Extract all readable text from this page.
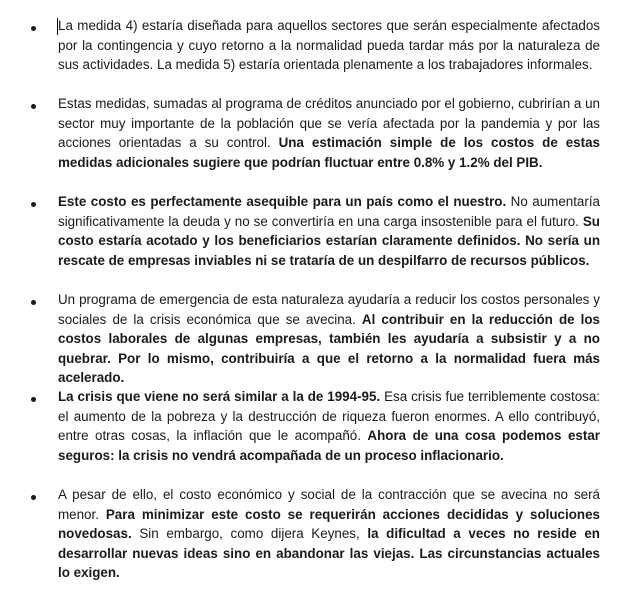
La medida 4) estaría diseñada para aquellos sectores que serán especialmente afectados por la contingencia y cuyo retorno a la normalidad pueda tardar más por la naturaleza de sus actividades. La medida 5) estaría orientada plenamente a los trabajadores informales.

Estas medidas, sumadas al programa de créditos anunciado por el gobierno, cubrirían a un sector muy importante de la población que se vería afectada por la pandemia y por las acciones orientadas a su control. Una estimación simple de los costos de estas medidas adicionales sugiere que podrían fluctuar entre 0.8% y 1.2% del PIB.

Este costo es perfectamente asequible para un país como el nuestro. No aumentaría significativamente la deuda y no se convertiría en una carga insostenible para el futuro. Su costo estaría acotado y los beneficiarios estarían claramente definidos. No sería un rescate de empresas inviables ni se trataría de un despilfarro de recursos públicos.

Un programa de emergencia de esta naturaleza ayudaría a reducir los costos personales y sociales de la crisis económica que se avecina. Al contribuir en la reducción de los costos laborales de algunas empresas, también les ayudaría a subsistir y a no quebrar. Por lo mismo, contribuiría a que el retorno a la normalidad fuera más acelerado.

La crisis que viene no será similar a la de 1994-95. Esa crisis fue terriblemente costosa: el aumento de la pobreza y la destrucción de riqueza fueron enormes. A ello contribuyó, entre otras cosas, la inflación que le acompañó. Ahora de una cosa podemos estar seguros: la crisis no vendrá acompañada de un proceso inflacionario.

A pesar de ello, el costo económico y social de la contracción que se avecina no será menor. Para minimizar este costo se requerirán acciones decididas y soluciones novedosas. Sin embargo, como dijera Keynes, la dificultad a veces no reside en desarrollar nuevas ideas sino en abandonar las viejas. Las circunstancias actuales lo exigen.
